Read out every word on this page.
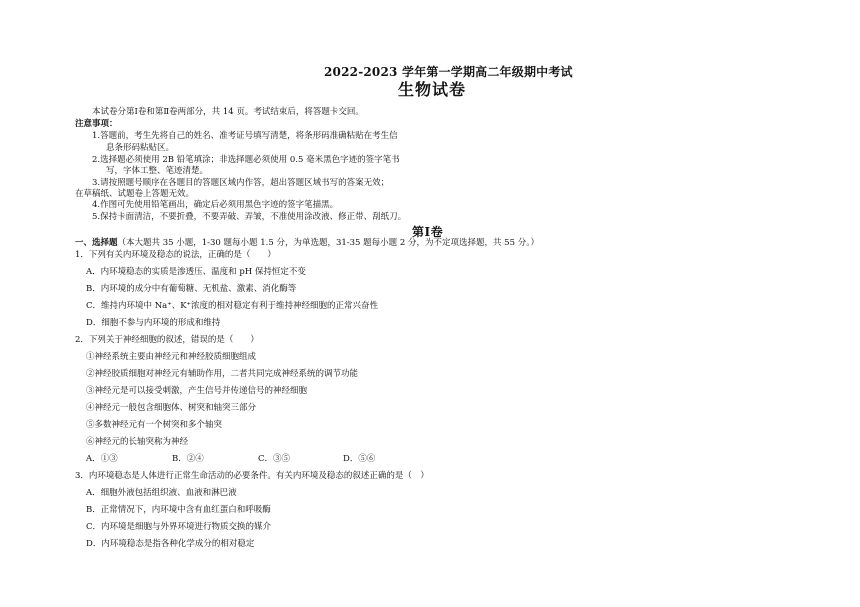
2022-2023 学年第一学期高二年级期中考试
生物试卷
本试卷分第Ⅰ卷和第Ⅱ卷两部分，共 14 页。考试结束后，将答题卡交回。
注意事项：
1.答题前，考生先将自己的姓名、准考证号填写清楚，将条形码准确粘贴在考生信
息条形码粘贴区。
2.选择题必须使用 2B 铅笔填涂；非选择题必须使用 0.5 毫米黑色字迹的签字笔书
写，字体工整、笔迹清楚。
3.请按照题号顺序在各题目的答题区域内作答，超出答题区域书写的答案无效；
在草稿纸、试题卷上答题无效。
4.作图可先使用铅笔画出，确定后必须用黑色字迹的签字笔描黑。
5.保持卡面清洁，不要折叠，不要弄破、弄皱，不准使用涂改液、修正带、刮纸刀。
第Ⅰ卷
一、选择题（本大题共 35 小题，1-30 题每小题 1.5 分，为单选题，31-35 题每小题 2 分，为不定项选择题，共 55 分。）
1．下列有关内环境及稳态的说法，正确的是（　　）
A．内环境稳态的实质是渗透压、温度和 pH 保持恒定不变
B．内环境的成分中有葡萄糖、无机盐、激素、消化酶等
C．维持内环境中 Na⁺、K⁺浓度的相对稳定有利于维持神经细胞的正常兴奋性
D．细胞不参与内环境的形成和维持
2．下列关于神经细胞的叙述，错误的是（　　）
①神经系统主要由神经元和神经胶质细胞组成
②神经胶质细胞对神经元有辅助作用，二者共同完成神经系统的调节功能
③神经元是可以接受刺激，产生信号并传递信号的神经细胞
④神经元一般包含细胞体、树突和轴突三部分
⑤多数神经元有一个树突和多个轴突
⑥神经元的长轴突称为神经
A．①③	B．②④	C．③⑤	D．⑤⑥
3．内环境稳态是人体进行正常生命活动的必要条件。有关内环境及稳态的叙述正确的是（　）
A．细胞外液包括组织液、血液和淋巴液
B．正常情况下，内环境中含有血红蛋白和呼吸酶
C．内环境是细胞与外界环境进行物质交换的媒介
D．内环境稳态是指各种化学成分的相对稳定
